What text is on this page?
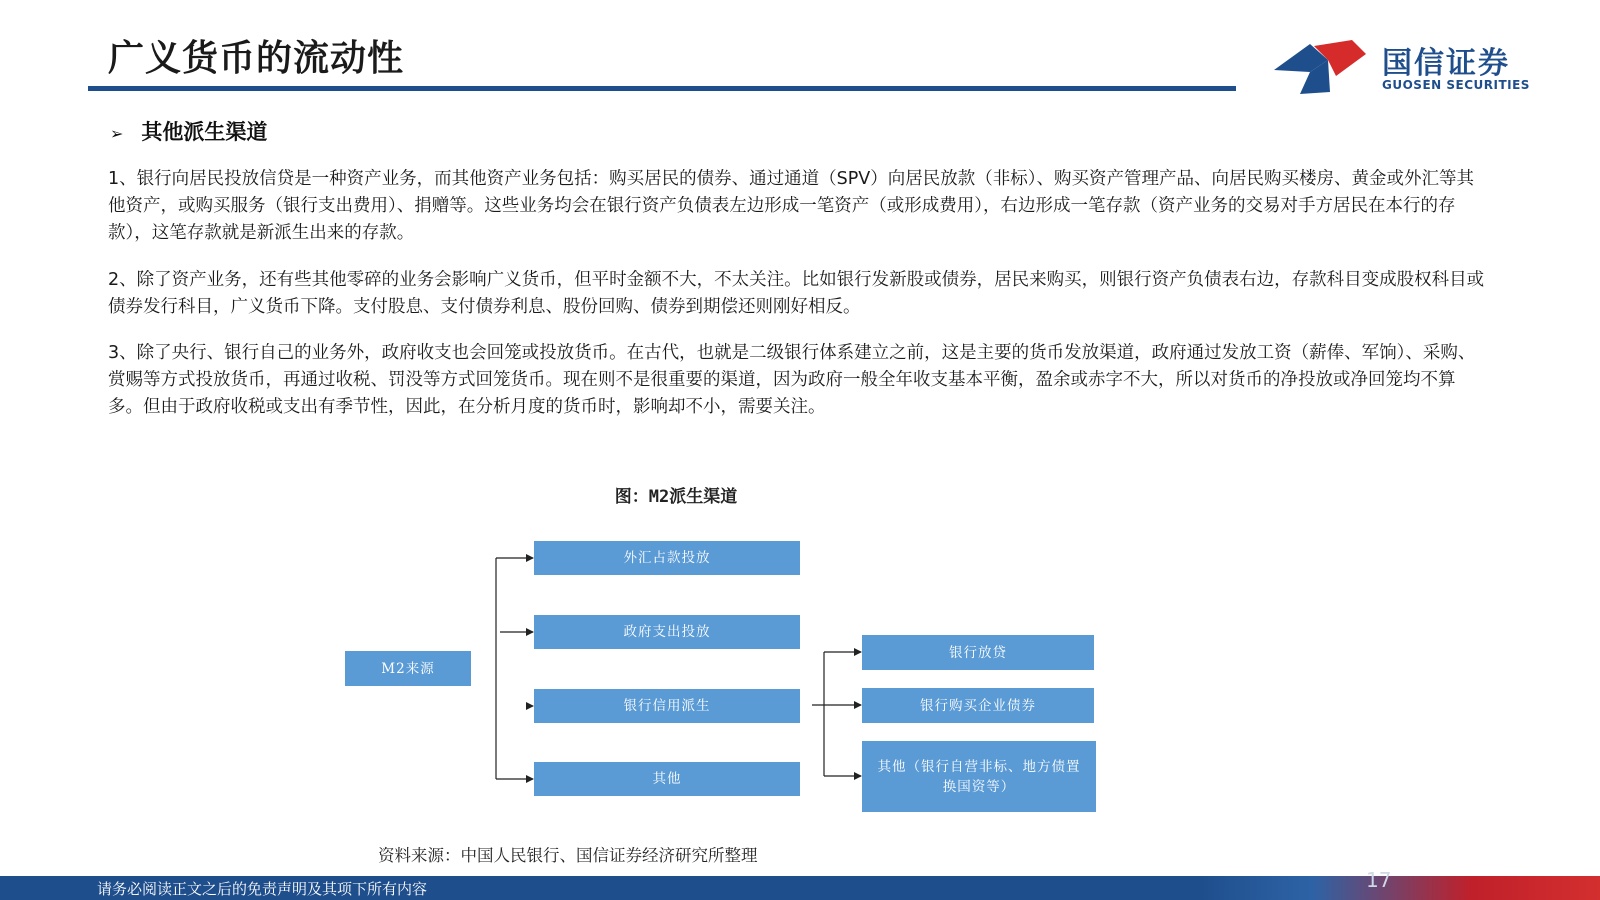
广义货币的流动性	国信证券
GUOSEN SECURITIES
➢ 其他派生渠道
1、银行向居民投放信贷是一种资产业务，而其他资产业务包括：购买居民的债券、通过通道（SPV）向居民放款（非标）、购买资产管理产品、向居民购买楼房、黄金或外汇等其他资产，或购买服务（银行支出费用）、捐赠等。这些业务均会在银行资产负债表左边形成一笔资产（或形成费用），右边形成一笔存款（资产业务的交易对手方居民在本行的存款），这笔存款就是新派生出来的存款。
2、除了资产业务，还有些其他零碎的业务会影响广义货币，但平时金额不大，不太关注。比如银行发新股或债券，居民来购买，则银行资产负债表右边，存款科目变成股权科目或债券发行科目，广义货币下降。支付股息、支付债券利息、股份回购、债券到期偿还则刚好相反。
3、除了央行、银行自己的业务外，政府收支也会回笼或投放货币。在古代，也就是二级银行体系建立之前，这是主要的货币发放渠道，政府通过发放工资（薪俸、军饷）、采购、赏赐等方式投放货币，再通过收税、罚没等方式回笼货币。现在则不是很重要的渠道，因为政府一般全年收支基本平衡，盈余或赤字不大，所以对货币的净投放或净回笼均不算多。但由于政府收税或支出有季节性，因此，在分析月度的货币时，影响却不小，需要关注。
图：M2派生渠道
M2来源
外汇占款投放
政府支出投放
银行信用派生
其他
银行放贷
银行购买企业债券
其他（银行自营非标、地方债置换国资等）
资料来源：中国人民银行、国信证券经济研究所整理
请务必阅读正文之后的免责声明及其项下所有内容	17
